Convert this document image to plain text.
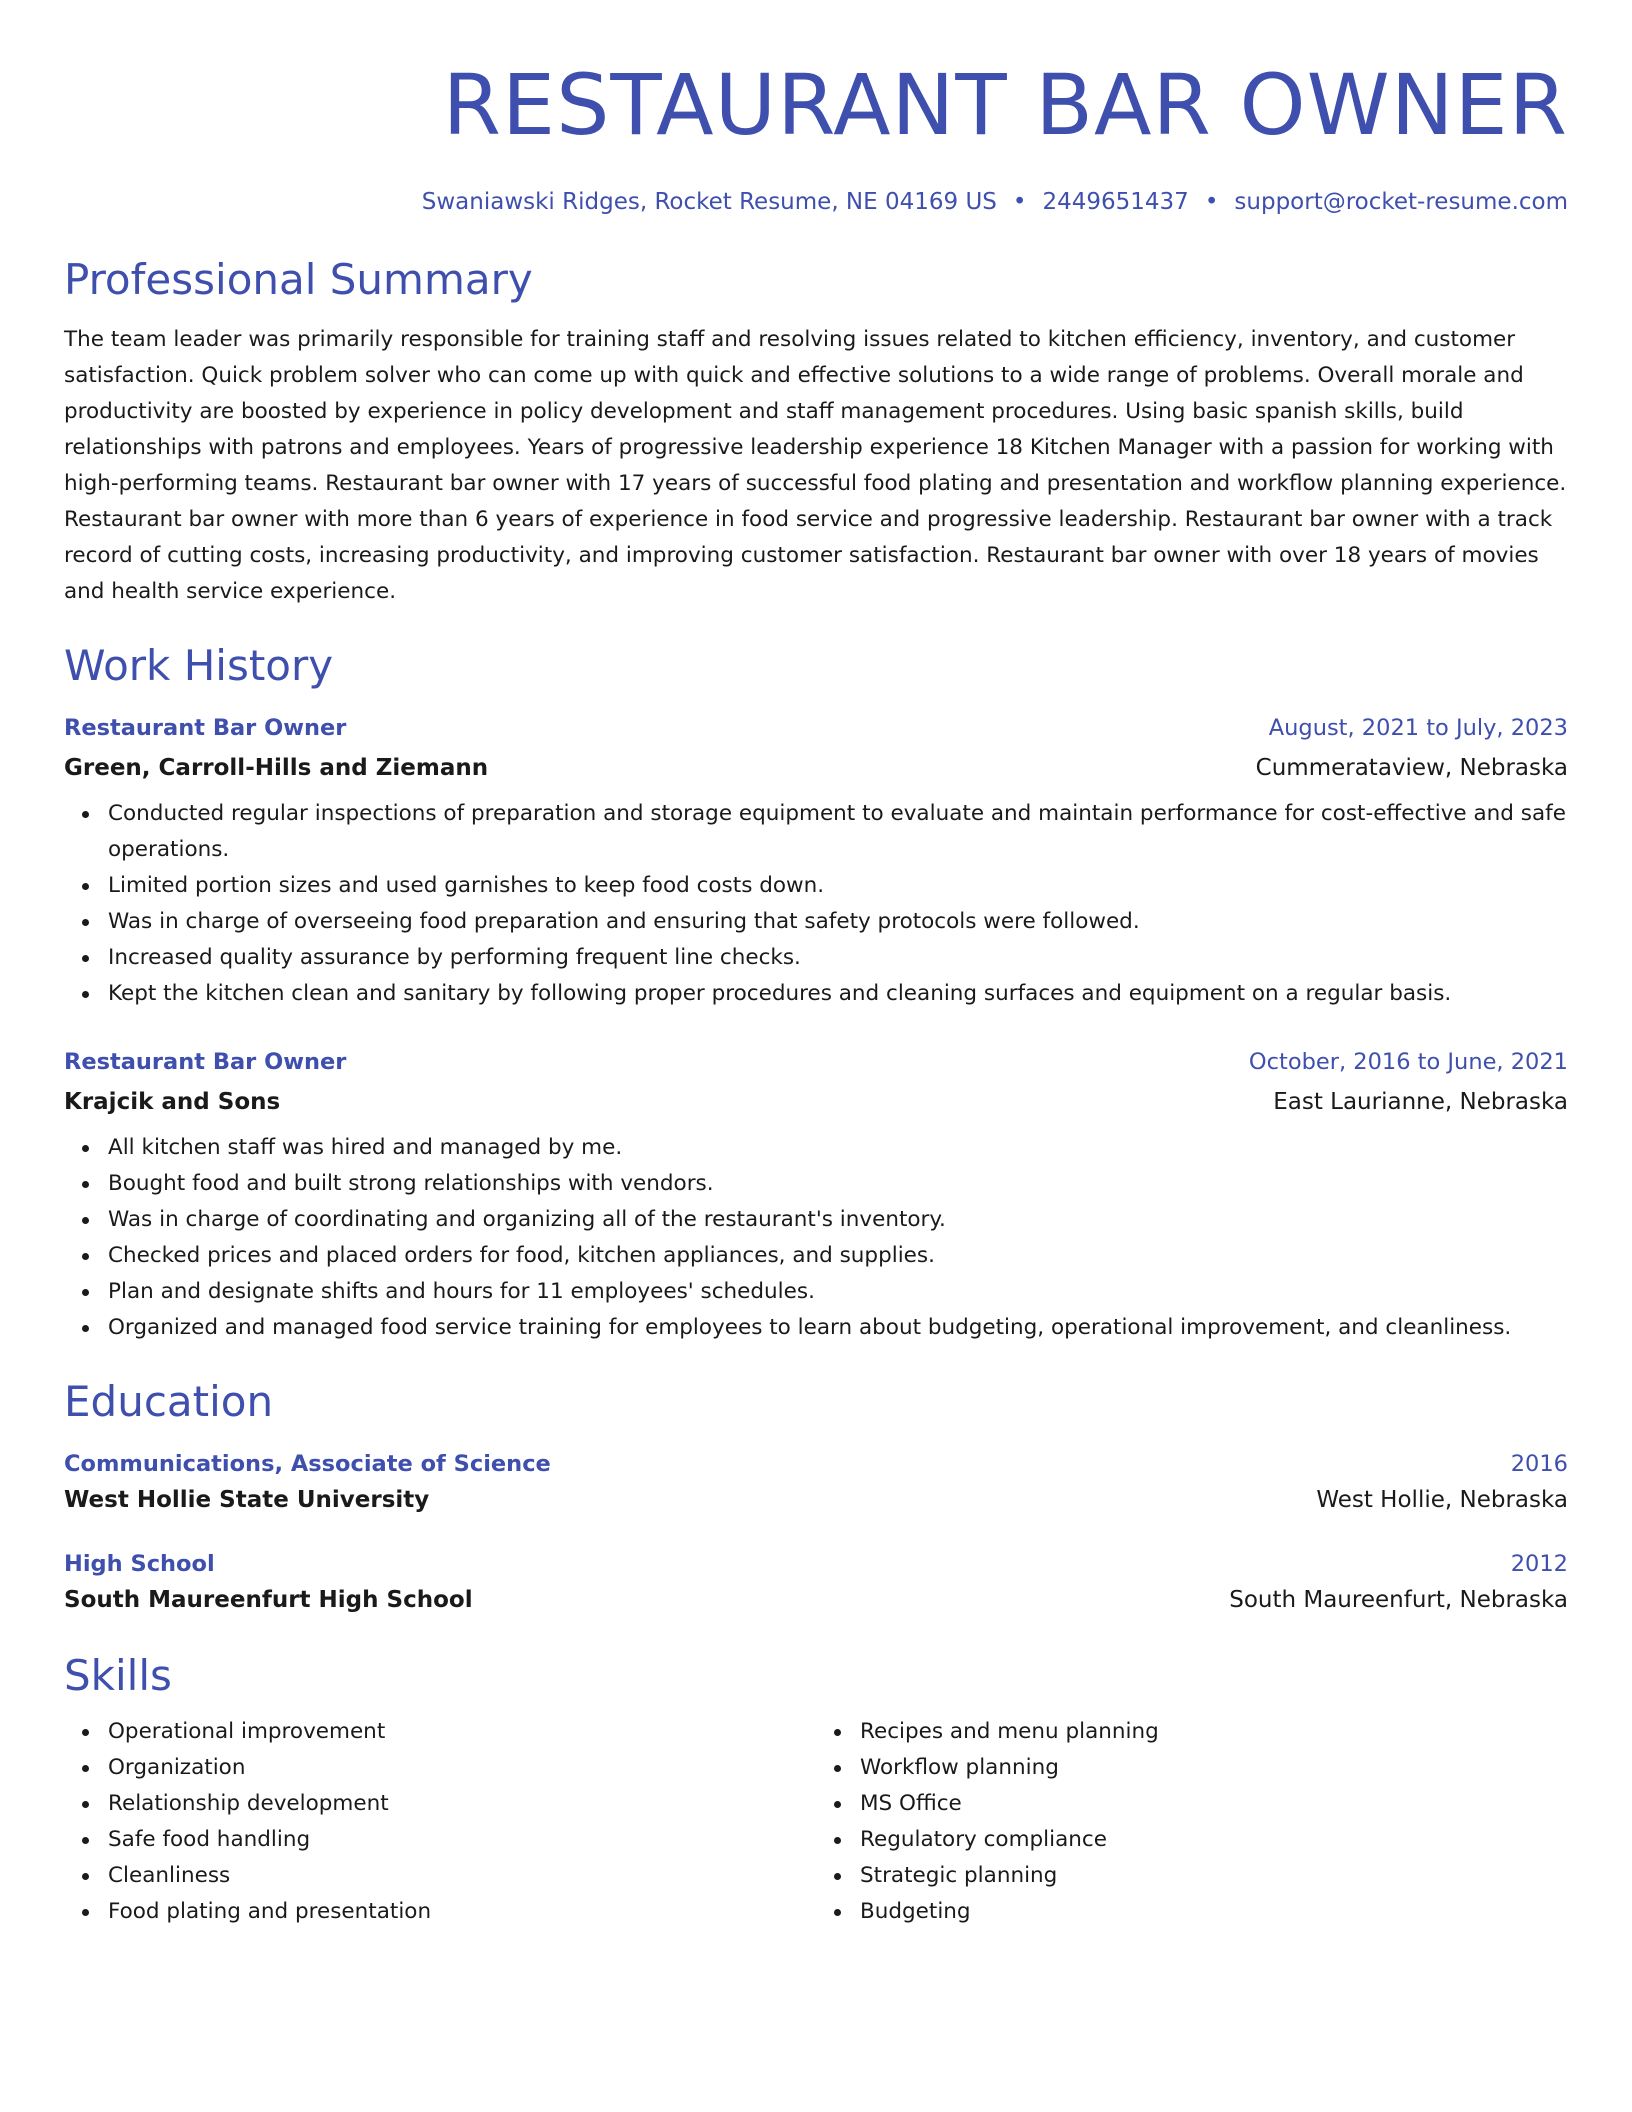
RESTAURANT BAR OWNER
Swaniawski Ridges, Rocket Resume, NE 04169 US • 2449651437 • support@rocket-resume.com
Professional Summary

The team leader was primarily responsible for training staff and resolving issues related to kitchen efficiency, inventory, and customer satisfaction. Quick problem solver who can come up with quick and effective solutions to a wide range of problems. Overall morale and productivity are boosted by experience in policy development and staff management procedures. Using basic spanish skills, build relationships with patrons and employees. Years of progressive leadership experience 18 Kitchen Manager with a passion for working with high-performing teams. Restaurant bar owner with 17 years of successful food plating and presentation and workflow planning experience. Restaurant bar owner with more than 6 years of experience in food service and progressive leadership. Restaurant bar owner with a track record of cutting costs, increasing productivity, and improving customer satisfaction. Restaurant bar owner with over 18 years of movies and health service experience.

Work History
Restaurant Bar Owner	August, 2021 to July, 2023
Green, Carroll-Hills and Ziemann	Cummerataview, Nebraska
Conducted regular inspections of preparation and storage equipment to evaluate and maintain performance for cost-effective and safe operations.
Limited portion sizes and used garnishes to keep food costs down.
Was in charge of overseeing food preparation and ensuring that safety protocols were followed.
Increased quality assurance by performing frequent line checks.
Kept the kitchen clean and sanitary by following proper procedures and cleaning surfaces and equipment on a regular basis.
Restaurant Bar Owner	October, 2016 to June, 2021
Krajcik and Sons	East Laurianne, Nebraska
All kitchen staff was hired and managed by me.
Bought food and built strong relationships with vendors.
Was in charge of coordinating and organizing all of the restaurant's inventory.
Checked prices and placed orders for food, kitchen appliances, and supplies.
Plan and designate shifts and hours for 11 employees' schedules.
Organized and managed food service training for employees to learn about budgeting, operational improvement, and cleanliness.
Education
Communications, Associate of Science	2016
West Hollie State University	West Hollie, Nebraska
High School	2012
South Maureenfurt High School	South Maureenfurt, Nebraska
Skills
Operational improvement
Organization
Relationship development
Safe food handling
Cleanliness
Food plating and presentation
Recipes and menu planning
Workflow planning
MS Office
Regulatory compliance
Strategic planning
Budgeting
